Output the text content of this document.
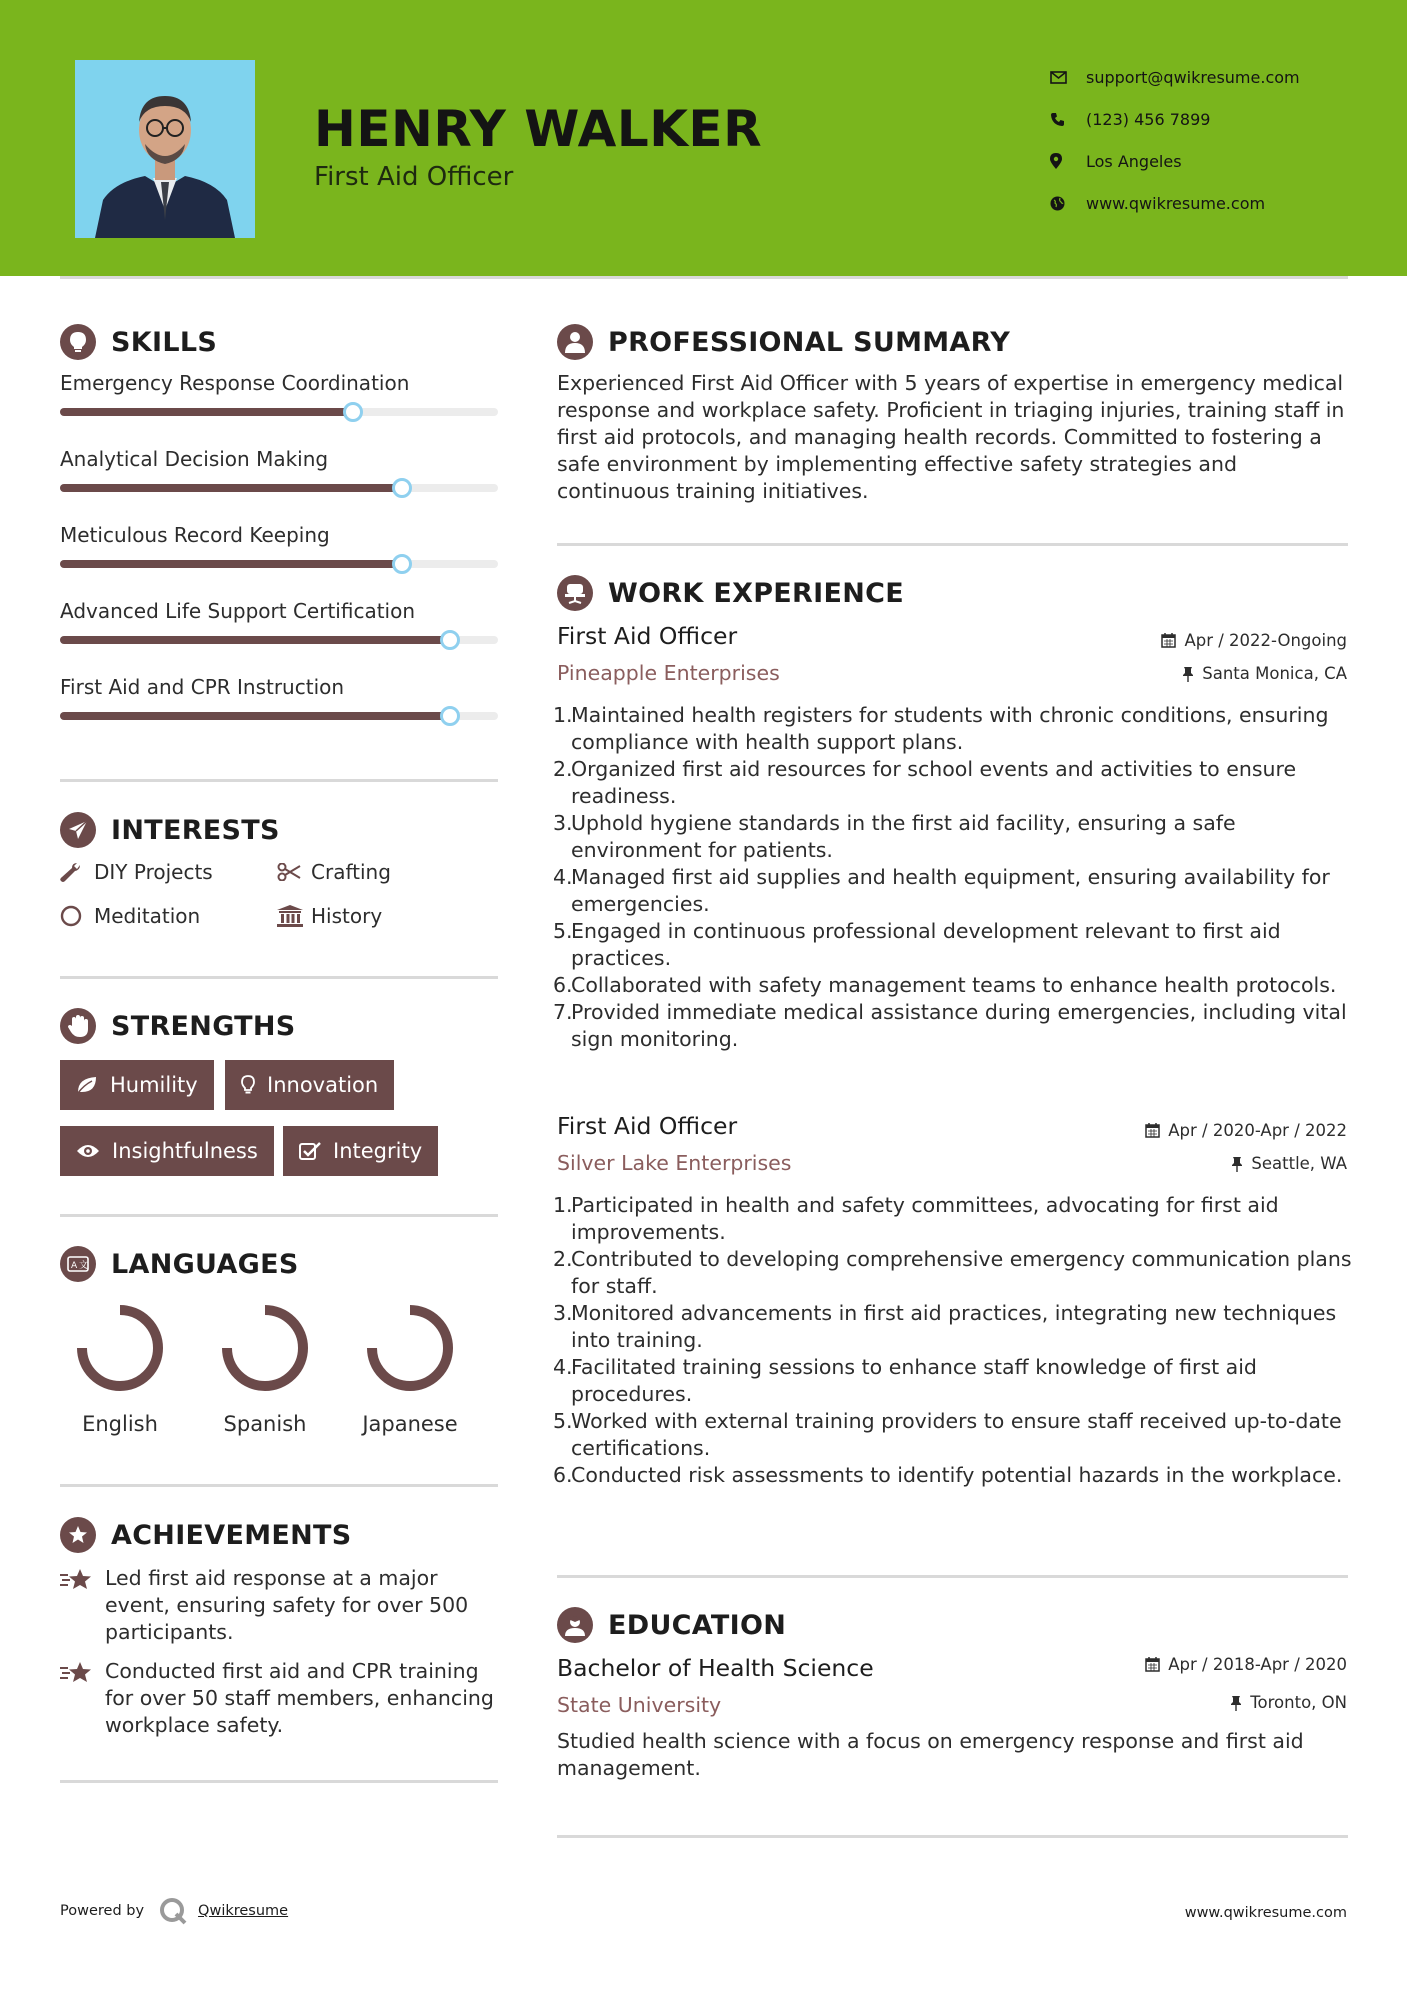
HENRY WALKER
First Aid Officer
support@qwikresume.com
(123) 456 7899
Los Angeles
www.qwikresume.com
SKILLS
Emergency Response Coordination
Analytical Decision Making
Meticulous Record Keeping
Advanced Life Support Certification
First Aid and CPR Instruction
INTERESTS
DIY Projects	Crafting
Meditation	History
STRENGTHS
Humility	Innovation
Insightfulness	Integrity
A 文 LANGUAGES
English	Spanish	Japanese
ACHIEVEMENTS
Led first aid response at a major event, ensuring safety for over 500 participants.
Conducted first aid and CPR training for over 50 staff members, enhancing workplace safety.
PROFESSIONAL SUMMARY
Experienced First Aid Officer with 5 years of expertise in emergency medical response and workplace safety. Proficient in triaging injuries, training staff in first aid protocols, and managing health records. Committed to fostering a safe environment by implementing effective safety strategies and continuous training initiatives.
WORK EXPERIENCE
First Aid Officer	Apr / 2022-Ongoing
Pineapple Enterprises	Santa Monica, CA
1.
Maintained health registers for students with chronic conditions, ensuring compliance with health support plans.
2.
Organized first aid resources for school events and activities to ensure readiness.
3.
Uphold hygiene standards in the first aid facility, ensuring a safe environment for patients.
4.
Managed first aid supplies and health equipment, ensuring availability for emergencies.
5.
Engaged in continuous professional development relevant to first aid practices.
6.
Collaborated with safety management teams to enhance health protocols.
7.
Provided immediate medical assistance during emergencies, including vital sign monitoring.
First Aid Officer	Apr / 2020-Apr / 2022
Silver Lake Enterprises	Seattle, WA
1.
Participated in health and safety committees, advocating for first aid improvements.
2.
Contributed to developing comprehensive emergency communication plans for staff.
3.
Monitored advancements in first aid practices, integrating new techniques into training.
4.
Facilitated training sessions to enhance staff knowledge of first aid procedures.
5.
Worked with external training providers to ensure staff received up-to-date certifications.
6.
Conducted risk assessments to identify potential hazards in the workplace.
EDUCATION
Bachelor of Health Science	Apr / 2018-Apr / 2020
State University	Toronto, ON
Studied health science with a focus on emergency response and first aid management.
Powered by	Qwikresume	www.qwikresume.com
